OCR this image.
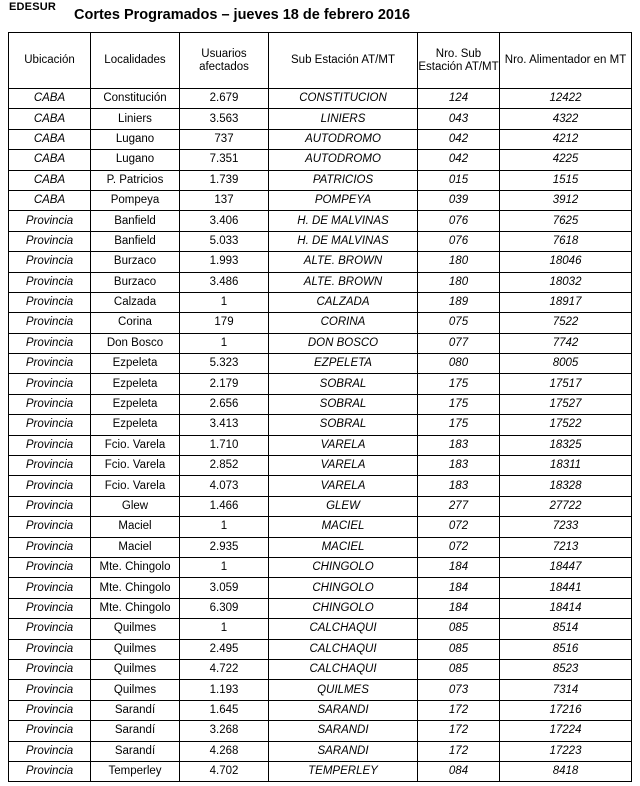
EDESUR Cortes Programados – jueves 18 de febrero 2016
Ubicación	Localidades	Usuarios afectados	Sub Estación AT/MT	Nro. Sub Estación AT/MT	Nro. Alimentador en MT
CABA	Constitución	2.679	CONSTITUCION	124	12422
CABA	Liniers	3.563	LINIERS	043	4322
CABA	Lugano	737	AUTODROMO	042	4212
CABA	Lugano	7.351	AUTODROMO	042	4225
CABA	P. Patricios	1.739	PATRICIOS	015	1515
CABA	Pompeya	137	POMPEYA	039	3912
Provincia	Banfield	3.406	H. DE MALVINAS	076	7625
Provincia	Banfield	5.033	H. DE MALVINAS	076	7618
Provincia	Burzaco	1.993	ALTE. BROWN	180	18046
Provincia	Burzaco	3.486	ALTE. BROWN	180	18032
Provincia	Calzada	1	CALZADA	189	18917
Provincia	Corina	179	CORINA	075	7522
Provincia	Don Bosco	1	DON BOSCO	077	7742
Provincia	Ezpeleta	5.323	EZPELETA	080	8005
Provincia	Ezpeleta	2.179	SOBRAL	175	17517
Provincia	Ezpeleta	2.656	SOBRAL	175	17527
Provincia	Ezpeleta	3.413	SOBRAL	175	17522
Provincia	Fcio. Varela	1.710	VARELA	183	18325
Provincia	Fcio. Varela	2.852	VARELA	183	18311
Provincia	Fcio. Varela	4.073	VARELA	183	18328
Provincia	Glew	1.466	GLEW	277	27722
Provincia	Maciel	1	MACIEL	072	7233
Provincia	Maciel	2.935	MACIEL	072	7213
Provincia	Mte. Chingolo	1	CHINGOLO	184	18447
Provincia	Mte. Chingolo	3.059	CHINGOLO	184	18441
Provincia	Mte. Chingolo	6.309	CHINGOLO	184	18414
Provincia	Quilmes	1	CALCHAQUI	085	8514
Provincia	Quilmes	2.495	CALCHAQUI	085	8516
Provincia	Quilmes	4.722	CALCHAQUI	085	8523
Provincia	Quilmes	1.193	QUILMES	073	7314
Provincia	Sarandí	1.645	SARANDI	172	17216
Provincia	Sarandí	3.268	SARANDI	172	17224
Provincia	Sarandí	4.268	SARANDI	172	17223
Provincia	Temperley	4.702	TEMPERLEY	084	8418
